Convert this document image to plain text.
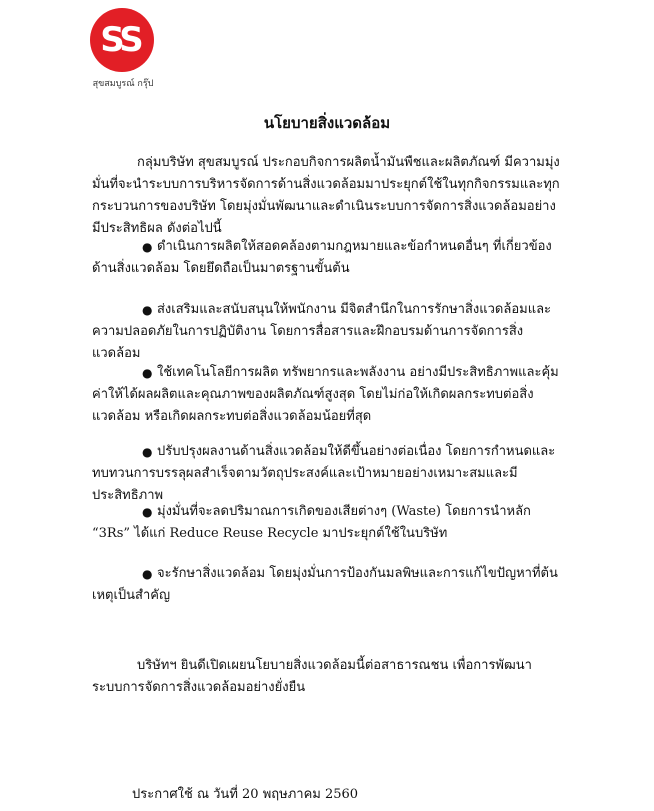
SS
สุขสมบูรณ์ กรุ๊ป
นโยบายสิ่งแวดล้อม

กลุ่มบริษัท สุขสมบูรณ์ ประกอบกิจการผลิตน้ำมันพืชและผลิตภัณฑ์ มีความมุ่งมั่นที่จะนำระบบการบริหารจัดการด้านสิ่งแวดล้อมมาประยุกต์ใช้ในทุกกิจกรรมและทุกกระบวนการของบริษัท โดยมุ่งมั่นพัฒนาและดำเนินระบบการจัดการสิ่งแวดล้อมอย่างมีประสิทธิผล ดังต่อไปนี้

● ดำเนินการผลิตให้สอดคล้องตามกฎหมายและข้อกำหนดอื่นๆ ที่เกี่ยวข้องด้านสิ่งแวดล้อม โดยยึดถือเป็นมาตรฐานขั้นต้น

● ส่งเสริมและสนับสนุนให้พนักงาน มีจิตสำนึกในการรักษาสิ่งแวดล้อมและความปลอดภัยในการปฏิบัติงาน โดยการสื่อสารและฝึกอบรมด้านการจัดการสิ่งแวดล้อม

● ใช้เทคโนโลยีการผลิต ทรัพยากรและพลังงาน อย่างมีประสิทธิภาพและคุ้มค่าให้ได้ผลผลิตและคุณภาพของผลิตภัณฑ์สูงสุด โดยไม่ก่อให้เกิดผลกระทบต่อสิ่งแวดล้อม หรือเกิดผลกระทบต่อสิ่งแวดล้อมน้อยที่สุด

● ปรับปรุงผลงานด้านสิ่งแวดล้อมให้ดีขึ้นอย่างต่อเนื่อง โดยการกำหนดและทบทวนการบรรลุผลสำเร็จตามวัตถุประสงค์และเป้าหมายอย่างเหมาะสมและมีประสิทธิภาพ

● มุ่งมั่นที่จะลดปริมาณการเกิดของเสียต่างๆ (Waste) โดยการนำหลัก “3Rs” ได้แก่ Reduce Reuse Recycle มาประยุกต์ใช้ในบริษัท

● จะรักษาสิ่งแวดล้อม โดยมุ่งมั่นการป้องกันมลพิษและการแก้ไขปัญหาที่ต้นเหตุเป็นสำคัญ

บริษัทฯ ยินดีเปิดเผยนโยบายสิ่งแวดล้อมนี้ต่อสาธารณชน เพื่อการพัฒนาระบบการจัดการสิ่งแวดล้อมอย่างยั่งยืน

ประกาศใช้ ณ วันที่ 20 พฤษภาคม 2560
